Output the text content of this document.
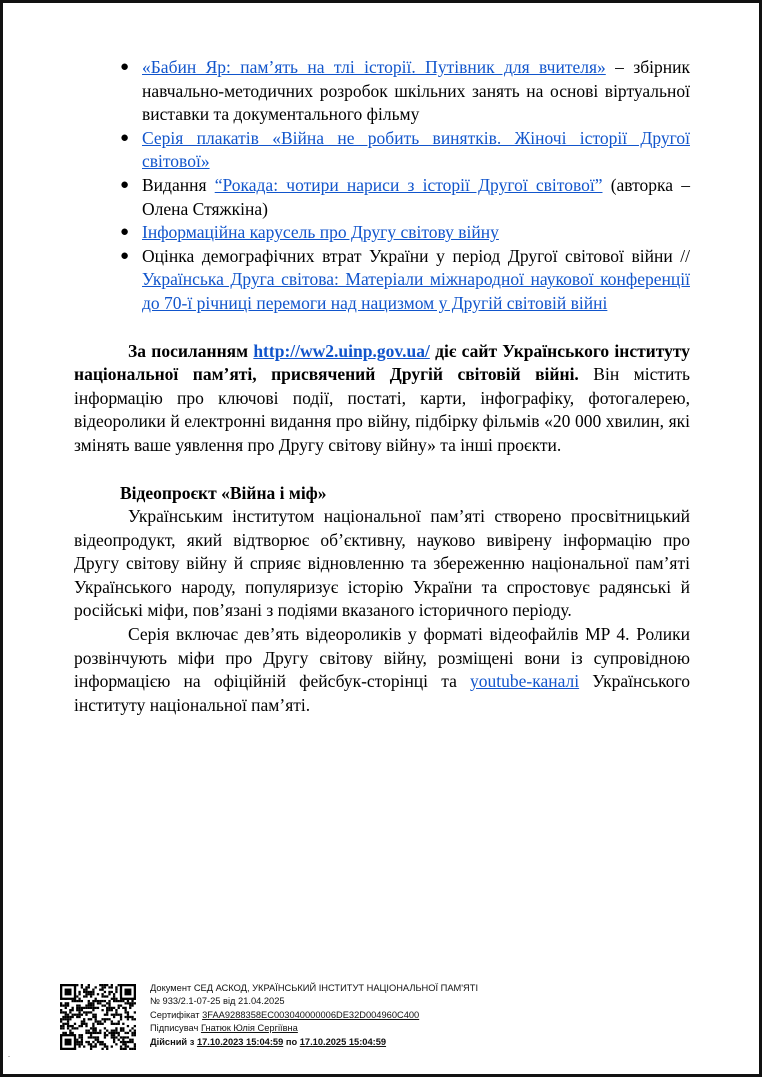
● «Бабин Яр: пам’ять на тлі історії. Путівник для вчителя» – збірник навчально-методичних розробок шкільних занять на основі віртуальної виставки та документального фільму
● Серія плакатів «Війна не робить винятків. Жіночі історії Другої світової»
● Видання “Рокада: чотири нариси з історії Другої світової” (авторка – Олена Стяжкіна)
● Інформаційна карусель про Другу світову війну
● Оцінка демографічних втрат України у період Другої світової війни // Українська Друга світова: Матеріали міжнародної наукової конференції до 70-ї річниці перемоги над нацизмом у Другій світовій війні

За посиланням http://ww2.uinp.gov.ua/ діє сайт Українського інституту національної пам’яті, присвячений Другій світовій війні. Він містить інформацію про ключові події, постаті, карти, інфографіку, фотогалерею, відеоролики й електронні видання про війну, підбірку фільмів «20 000 хвилин, які змінять ваше уявлення про Другу світову війну» та інші проєкти.

Відеопроєкт «Війна і міф»

Українським інститутом національної пам’яті створено просвітницький відеопродукт, який відтворює об’єктивну, науково вивірену інформацію про Другу світову війну й сприяє відновленню та збереженню національної пам’яті Українського народу, популяризує історію України та спростовує радянські й російські міфи, пов’язані з подіями вказаного історичного періоду.

Серія включає дев’ять відеороликів у форматі відеофайлів MP 4. Ролики розвінчують міфи про Другу світову війну, розміщені вони із супровідною інформацією на офіційній фейсбук-сторінці та youtube-каналі Українського інституту національної пам’яті.

Документ СЕД АСКОД, УКРАЇНСЬКИЙ ІНСТИТУТ НАЦІОНАЛЬНОЇ ПАМ'ЯТІ
№ 933/2.1-07-25 від 21.04.2025
Сертифікат 3FAA9288358EC003040000006DE32D004960C400
Підписувач Гнатюк Юлія Сергіївна
Дійсний з 17.10.2023 15:04:59 по 17.10.2025 15:04:59
.
